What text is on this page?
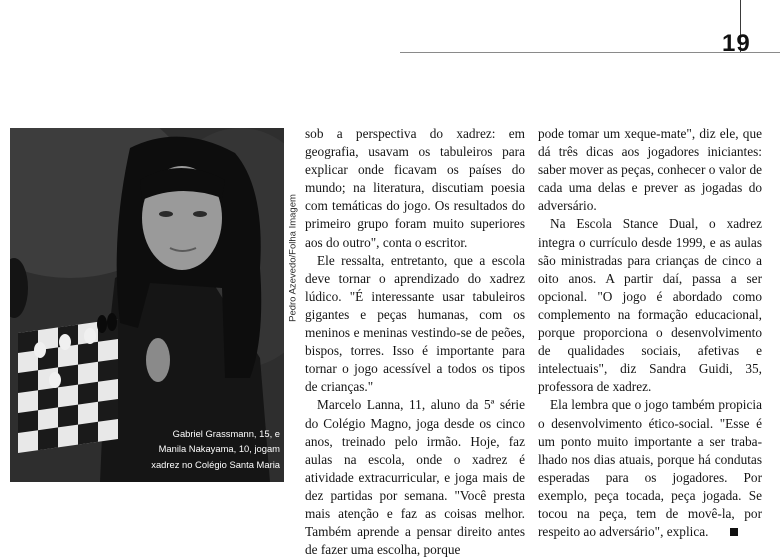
19
Gabriel Grassmann, 15, e
Manila Nakayama, 10, jogam
xadrez no Colégio Santa Maria
Pedro Azevedo/Folha Imagem

sob a perspectiva do xadrez: em geografia, usavam os tabuleiros para explicar onde ficavam os países do mundo; na literatura, discutiam poesia com temáticas do jogo. Os resultados do primeiro grupo foram muito superiores aos do outro", conta o escritor.

Ele ressalta, entretanto, que a escola deve tornar o aprendizado do xadrez lúdico. "É interessante usar tabuleiros gigantes e peças humanas, com os meninos e meninas vestindo-se de peões, bispos, torres. Isso é importante para tornar o jogo acessível a todos os tipos de crianças."

Marcelo Lanna, 11, aluno da 5ª série do Colégio Magno, joga desde os cinco anos, treinado pelo irmão. Hoje, faz aulas na escola, onde o xadrez é atividade extracurricular, e joga mais de dez partidas por semana. "Você presta mais atenção e faz as coisas melhor. Também aprende a pensar direito antes de fazer uma escolha, porque

pode tomar um xeque-mate", diz ele, que dá três dicas aos jogadores iniciantes: saber mover as peças, conhecer o valor de cada uma delas e prever as jogadas do adversário.

Na Escola Stance Dual, o xadrez integra o currículo desde 1999, e as aulas são ministradas para crianças de cinco a oito anos. A partir daí, passa a ser opcional. "O jogo é abordado como complemento na formação educacional, porque proporciona o desenvolvimento de qualidades sociais, afetivas e intelectuais", diz Sandra Guidi, 35, professora de xadrez.

Ela lembra que o jogo também propicia o desenvolvimento ético-social. "Esse é um ponto muito importante a ser trabalhado nos dias atuais, porque há condutas esperadas para os jogadores. Por exemplo, peça tocada, peça jogada. Se tocou na peça, tem de movê-la, por respeito ao adversário", explica.
